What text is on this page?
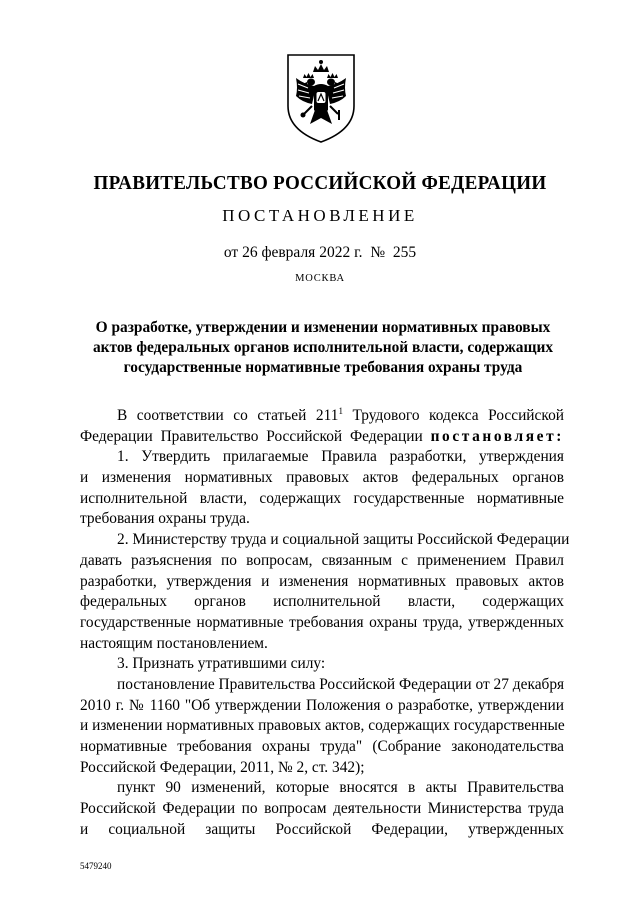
ПРАВИТЕЛЬСТВО РОССИЙСКОЙ ФЕДЕРАЦИИ
ПОСТАНОВЛЕНИЕ
от 26 февраля 2022 г. № 255
МОСКВА
О разработке, утверждении и изменении нормативных правовых
актов федеральных органов исполнительной власти, содержащих
государственные нормативные требования охраны труда
В соответствии со статьей $211^1$ Трудового кодекса Российской
Федерации Правительство Российской Федерации постановляет:
1. Утвердить прилагаемые Правила разработки, утверждения
и изменения нормативных правовых актов федеральных органов
исполнительной власти, содержащих государственные нормативные
требования охраны труда.
2. Министерству труда и социальной защиты Российской Федерации
давать разъяснения по вопросам, связанным с применением Правил
разработки, утверждения и изменения нормативных правовых актов
федеральных органов исполнительной власти, содержащих
государственные нормативные требования охраны труда, утвержденных
настоящим постановлением.
3. Признать утратившими силу:
постановление Правительства Российской Федерации от 27 декабря
2010 г. № 1160 "Об утверждении Положения о разработке, утверждении
и изменении нормативных правовых актов, содержащих государственные
нормативные требования охраны труда" (Собрание законодательства
Российской Федерации, 2011, № 2, ст. 342);
пункт 90 изменений, которые вносятся в акты Правительства
Российской Федерации по вопросам деятельности Министерства труда
и социальной защиты Российской Федерации, утвержденных
5479240
